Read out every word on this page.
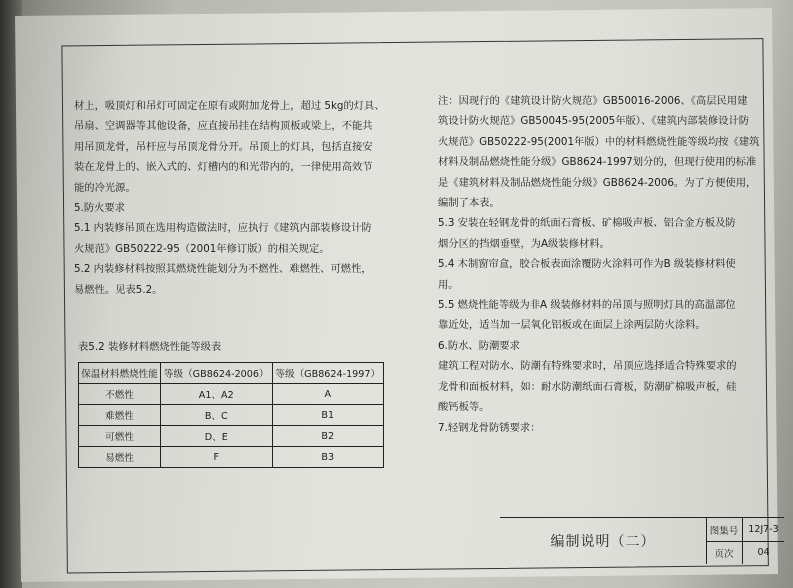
材上，吸顶灯和吊灯可固定在原有或附加龙骨上，超过 5kg的灯具、

吊扇、空调器等其他设备，应直接吊挂在结构顶板或梁上，不能共

用吊顶龙骨，吊杆应与吊顶龙骨分开。吊顶上的灯具，包括直接安

装在龙骨上的、嵌入式的、灯槽内的和光带内的，一律使用高效节

能的冷光源。

5.防火要求

5.1 内装修吊顶在选用构造做法时，应执行《建筑内部装修设计防

火规范》GB50222-95（2001年修订版）的相关规定。

5.2 内装修材料按照其燃烧性能划分为不燃性、难燃性、可燃性，

易燃性。见表5.2。

表5.2 装修材料燃烧性能等级表
保温材料燃烧性能	等级（GB8624-2006）	等级（GB8624-1997）
不燃性	A1、A2	A
难燃性	B、C	B1
可燃性	D、E	B2
易燃性	F	B3

注：因现行的《建筑设计防火规范》GB50016-2006、《高层民用建

筑设计防火规范》GB50045-95(2005年版）、《建筑内部装修设计防

火规范》GB50222-95(2001年版）中的材料燃烧性能等级均按《建筑

材料及制品燃烧性能分级》GB8624-1997划分的，但现行使用的标准

是《建筑材料及制品燃烧性能分级》GB8624-2006。为了方便使用，

编制了本表。

5.3 安装在轻钢龙骨的纸面石膏板、矿棉吸声板、铝合金方板及防

烟分区的挡烟垂壁，为A级装修材料。

5.4 木制窗帘盒，胶合板表面涂覆防火涂料可作为B 级装修材料使

用。

5.5 燃烧性能等级为非A 级装修材料的吊顶与照明灯具的高温部位

靠近处，适当加一层氧化铝板或在面层上涂两层防火涂料。

6.防水、防潮要求

建筑工程对防水、防潮有特殊要求时，吊顶应选择适合特殊要求的

龙骨和面板材料，如：耐水防潮纸面石膏板，防潮矿棉吸声板，硅

酸钙板等。

7.轻钢龙骨防锈要求：

编制说明（二）
图集号	12J7-3
页次	04
